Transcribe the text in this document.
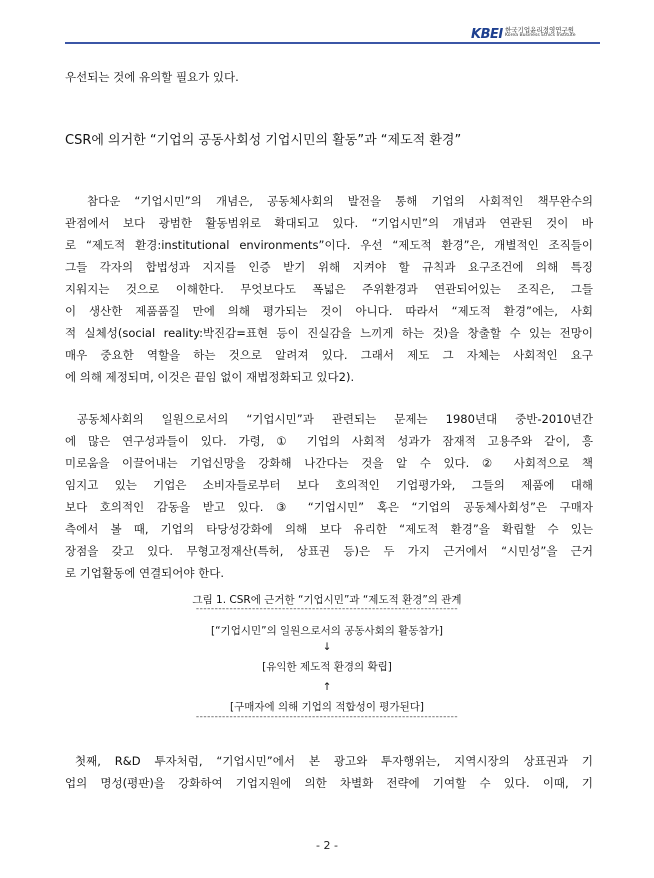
KBEI 한국기업윤리경영연구원
Korea Business Ethics Institute
우선되는 것에 유의할 필요가 있다.
CSR에 의거한 “기업의 공동사회성 기업시민의 활동”과 “제도적 환경”
참다운 “기업시민”의 개념은, 공동체사회의 발전을 통해 기업의 사회적인 책무완수의
관점에서 보다 광범한 활동범위로 확대되고 있다. “기업시민”의 개념과 연관된 것이 바
로 “제도적 환경:institutional environments”이다. 우선 “제도적 환경”은, 개별적인 조직들이
그들 각자의 합법성과 지지를 인증 받기 위해 지켜야 할 규칙과 요구조건에 의해 특징
지워지는 것으로 이해한다. 무엇보다도 폭넓은 주위환경과 연관되어있는 조직은, 그들
이 생산한 제품품질 만에 의해 평가되는 것이 아니다. 따라서 “제도적 환경”에는, 사회
적 실체성(social reality:박진감=표현 등이 진실감을 느끼게 하는 것)을 창출할 수 있는 전망이
매우 중요한 역할을 하는 것으로 알려져 있다. 그래서 제도 그 자체는 사회적인 요구
에 의해 제정되며, 이것은 끝임 없이 재법정화되고 있다2).
공동체사회의 일원으로서의 “기업시민”과 관련되는 문제는 1980년대 중반-2010년간
에 많은 연구성과들이 있다. 가령, ① 기업의 사회적 성과가 잠재적 고용주와 같이, 흥
미로움을 이끌어내는 기업신망을 강화해 나간다는 것을 알 수 있다. ② 사회적으로 책
임지고 있는 기업은 소비자들로부터 보다 호의적인 기업평가와, 그들의 제품에 대해
보다 호의적인 감동을 받고 있다. ③ “기업시민” 혹은 “기업의 공동체사회성”은 구매자
측에서 볼 때, 기업의 타당성강화에 의해 보다 유리한 “제도적 환경”을 확립할 수 있는
장점을 갖고 있다. 무형고정재산(특허, 상표권 등)은 두 가지 근거에서 “시민성”을 근거
로 기업활동에 연결되어야 한다.
그림 1. CSR에 근거한 “기업시민”과 “제도적 환경”의 관계
----------------------------------------------------------------------
[“기업시민”의 일원으로서의 공동사회의 활동참가]
↓
[유익한 제도적 환경의 확립]
↑
[구매자에 의해 기업의 적합성이 평가된다]
----------------------------------------------------------------------
첫째, R&D 투자처럼, “기업시민”에서 본 광고와 투자행위는, 지역시장의 상표권과 기
업의 명성(평판)을 강화하여 기업지원에 의한 차별화 전략에 기여할 수 있다. 이때, 기
- 2 -
